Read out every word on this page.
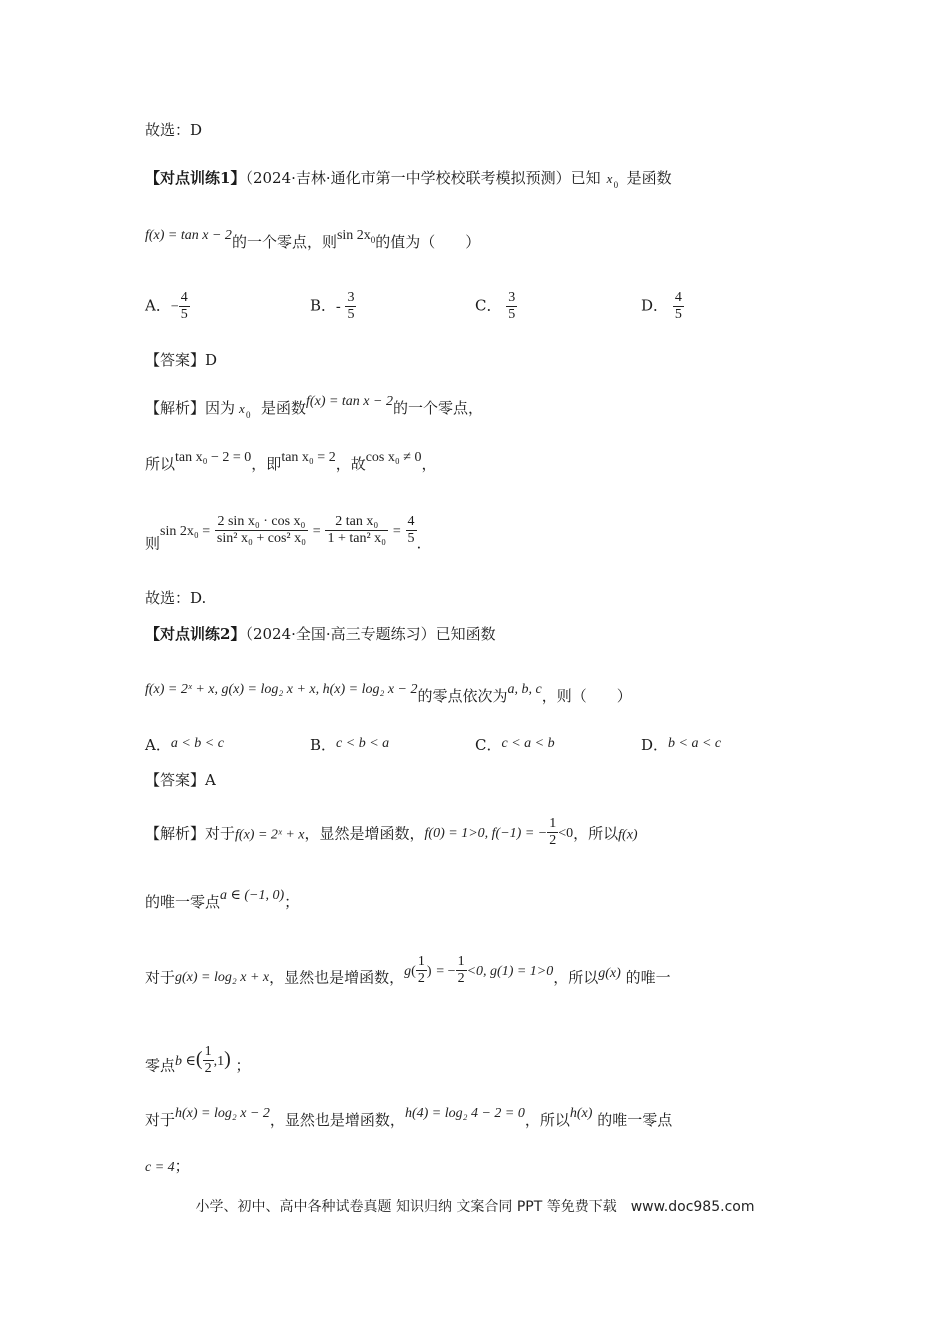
故选：D
【对点训练1】（2024·吉林·通化市第一中学校校联考模拟预测）已知 x 0 是函数
f(x) = tan x − 2的一个零点，则$\sin 2x_0$的值为（　　）
A．− $\frac{4}{5}$	B．- $\frac{3}{5}$	C． $\frac{3}{5}$	D． $\frac{4}{5}$
【答案】D
【解析】因为 x 0 是函数f(x) = tan x − 2的一个零点，
所以tan x₀ − 2 = 0，即tan x₀ = 2，故cos x₀ ≠ 0，
则$\sin 2x_0 = \frac{\text{2 sin x₀ · cos x₀}}{\text{sin² x₀ + cos² x₀}} = \frac{\text{2 tan x₀}}{\text{1 + tan² x₀}} = \frac{4}{5}$ .
故选：D.
【对点训练2】（2024·全国·高三专题练习）已知函数
f(x) = 2ˣ + x, g(x) = log₂ x + x, h(x) = log₂ x − 2的零点依次为a, b, c，则（　　）
A．a < b < c	B．c < b < a	C．c < a < b	D．b < a < c
【答案】A
【解析】对于f(x) = 2ˣ + x，显然是增函数，f(0) = 1>0, f(−1) = − $\frac{1}{2} <0$，所以f(x)
的唯一零点a ∈ (−1, 0)；
对于g(x) = log₂ x + x，显然也是增函数，$g( \frac{1}{2}$ ) = − $\frac{1}{2} <0$, g(1) = 1>0，所以g(x) 的唯一
零点b ∈( $\frac{1}{2} ,1$) ；
对于h(x) = log₂ x − 2，显然也是增函数，h(4) = log₂ 4 − 2 = 0，所以h(x) 的唯一零点
c = 4；
小学、初中、高中各种试卷真题 知识归纳 文案合同 PPT 等免费下载　www.doc985.com
